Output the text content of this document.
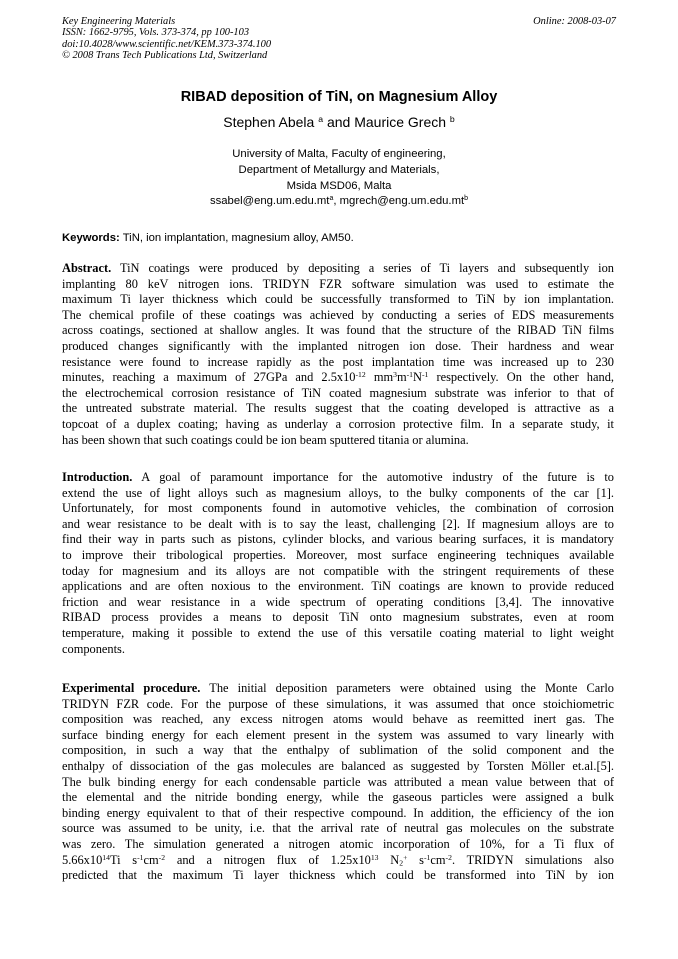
Key Engineering Materials
ISSN: 1662-9795, Vols. 373-374, pp 100-103
doi:10.4028/www.scientific.net/KEM.373-374.100
© 2008 Trans Tech Publications Ltd, Switzerland
Online: 2008-03-07
RIBAD deposition of TiN, on Magnesium Alloy
Stephen Abela $^a$ and Maurice Grech $^b$
University of Malta, Faculty of engineering,
Department of Metallurgy and Materials,
Msida MSD06, Malta
$ssabel@eng.um.edu.mt^a$, $mgrech@eng.um.edu.mt^b$
Keywords: TiN, ion implantation, magnesium alloy, AM50.
Abstract. TiN coatings were produced by depositing a series of Ti layers and subsequently ion
implanting 80 keV nitrogen ions. TRIDYN FZR software simulation was used to estimate the
maximum Ti layer thickness which could be successfully transformed to TiN by ion implantation.
The chemical profile of these coatings was achieved by conducting a series of EDS measurements
across coatings, sectioned at shallow angles. It was found that the structure of the RIBAD TiN films
produced changes significantly with the implanted nitrogen ion dose. Their hardness and wear
resistance were found to increase rapidly as the post implantation time was increased up to 230
minutes, reaching a maximum of 27GPa and $2.5x10^{-12}$ $mm^3m^{-1}N^{-1}$ respectively. On the other hand,
the electrochemical corrosion resistance of TiN coated magnesium substrate was inferior to that of
the untreated substrate material. The results suggest that the coating developed is attractive as a
topcoat of a duplex coating; having as underlay a corrosion protective film. In a separate study, it
has been shown that such coatings could be ion beam sputtered titania or alumina.
Introduction. A goal of paramount importance for the automotive industry of the future is to
extend the use of light alloys such as magnesium alloys, to the bulky components of the car [1].
Unfortunately, for most components found in automotive vehicles, the combination of corrosion
and wear resistance to be dealt with is to say the least, challenging [2]. If magnesium alloys are to
find their way in parts such as pistons, cylinder blocks, and various bearing surfaces, it is mandatory
to improve their tribological properties. Moreover, most surface engineering techniques available
today for magnesium and its alloys are not compatible with the stringent requirements of these
applications and are often noxious to the environment. TiN coatings are known to provide reduced
friction and wear resistance in a wide spectrum of operating conditions [3,4]. The innovative
RIBAD process provides a means to deposit TiN onto magnesium substrates, even at room
temperature, making it possible to extend the use of this versatile coating material to light weight
components.
Experimental procedure. The initial deposition parameters were obtained using the Monte Carlo
TRIDYN FZR code. For the purpose of these simulations, it was assumed that once stoichiometric
composition was reached, any excess nitrogen atoms would behave as reemitted inert gas. The
surface binding energy for each element present in the system was assumed to vary linearly with
composition, in such a way that the enthalpy of sublimation of the solid component and the
enthalpy of dissociation of the gas molecules are balanced as suggested by Torsten Möller et.al.[5].
The bulk binding energy for each condensable particle was attributed a mean value between that of
the elemental and the nitride bonding energy, while the gaseous particles were assigned a bulk
binding energy equivalent to that of their respective compound. In addition, the efficiency of the ion
source was assumed to be unity, i.e. that the arrival rate of neutral gas molecules on the substrate
was zero. The simulation generated a nitrogen atomic incorporation of 10%, for a Ti flux of
$5.66x10^{14}Ti$ $s^{-1}cm^{-2}$ and a nitrogen flux of $1.25x10^{13}$ $N_2^+$ $s^{-1}cm^{-2}$. TRIDYN simulations also
predicted that the maximum Ti layer thickness which could be transformed into TiN by ion
